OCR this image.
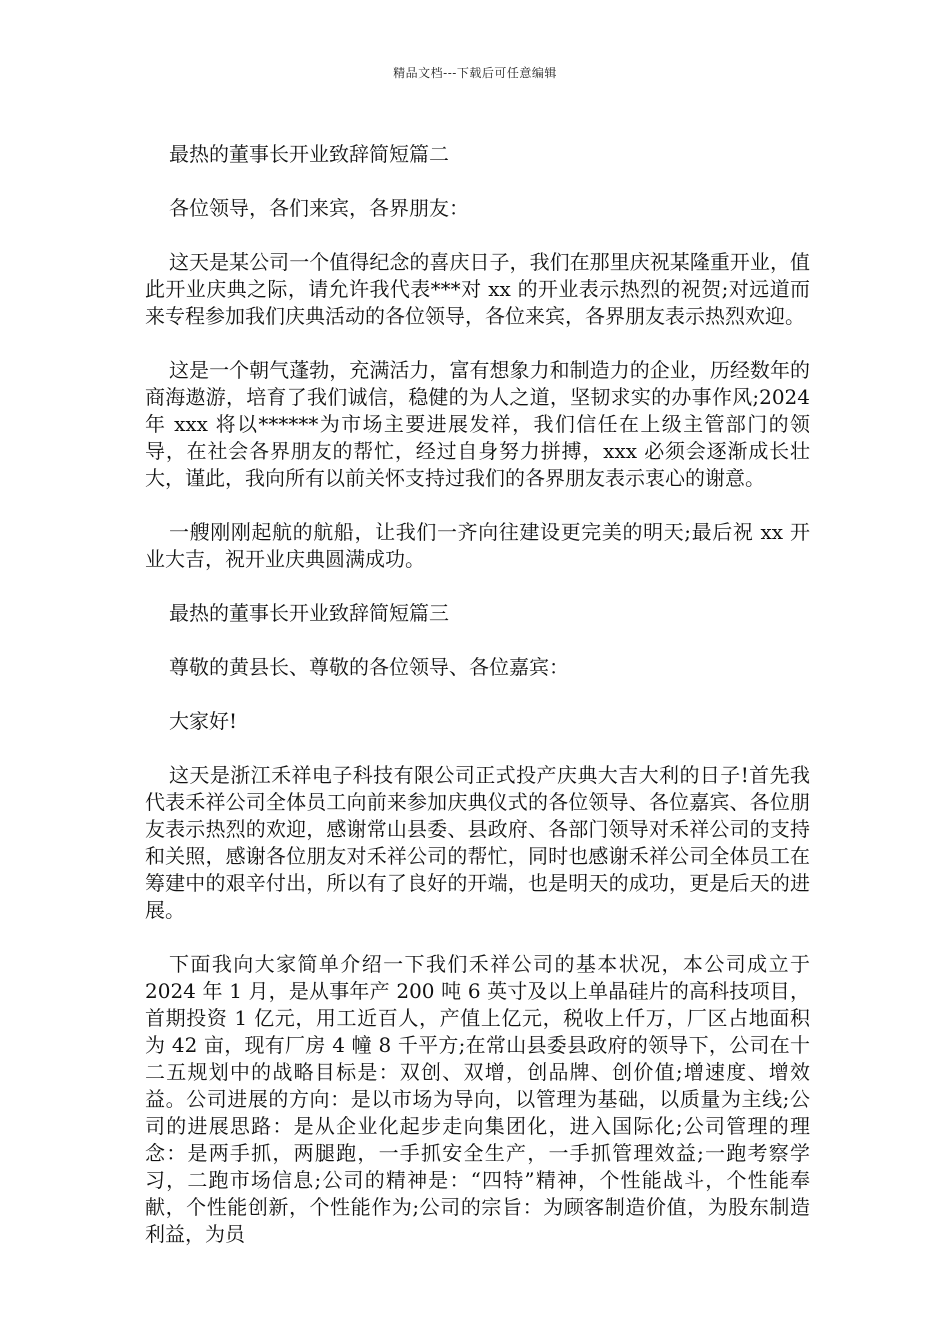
精品文档---下载后可任意编辑

最热的董事长开业致辞简短篇二

各位领导，各们来宾，各界朋友：

这天是某公司一个值得纪念的喜庆日子，我们在那里庆祝某隆重开业，值此开业庆典之际，请允许我代表***对 xx 的开业表示热烈的祝贺;对远道而来专程参加我们庆典活动的各位领导，各位来宾，各界朋友表示热烈欢迎。

这是一个朝气蓬勃，充满活力，富有想象力和制造力的企业，历经数年的商海遨游，培育了我们诚信，稳健的为人之道，坚韧求实的办事作风;2024 年 xxx 将以******为市场主要进展发祥，我们信任在上级主管部门的领导，在社会各界朋友的帮忙，经过自身努力拼搏，xxx 必须会逐渐成长壮大，谨此，我向所有以前关怀支持过我们的各界朋友表示衷心的谢意。

一艘刚刚起航的航船，让我们一齐向往建设更完美的明天;最后祝 xx 开业大吉，祝开业庆典圆满成功。

最热的董事长开业致辞简短篇三

尊敬的黄县长、尊敬的各位领导、各位嘉宾：

大家好!

这天是浙江禾祥电子科技有限公司正式投产庆典大吉大利的日子!首先我代表禾祥公司全体员工向前来参加庆典仪式的各位领导、各位嘉宾、各位朋友表示热烈的欢迎，感谢常山县委、县政府、各部门领导对禾祥公司的支持和关照，感谢各位朋友对禾祥公司的帮忙，同时也感谢禾祥公司全体员工在筹建中的艰辛付出，所以有了良好的开端，也是明天的成功，更是后天的进展。

下面我向大家简单介绍一下我们禾祥公司的基本状况，本公司成立于 2024 年 1 月，是从事年产 200 吨 6 英寸及以上单晶硅片的高科技项目，首期投资 1 亿元，用工近百人，产值上亿元，税收上仟万，厂区占地面积为 42 亩，现有厂房 4 幢 8 千平方;在常山县委县政府的领导下，公司在十二五规划中的战略目标是：双创、双增，创品牌、创价值;增速度、增效益。公司进展的方向：是以市场为导向，以管理为基础，以质量为主线;公司的进展思路：是从企业化起步走向集团化，进入国际化;公司管理的理念：是两手抓，两腿跑，一手抓安全生产，一手抓管理效益;一跑考察学习，二跑市场信息;公司的精神是：“四特”精神，个性能战斗，个性能奉献，个性能创新，个性能作为;公司的宗旨：为顾客制造价值，为股东制造利益，为员
